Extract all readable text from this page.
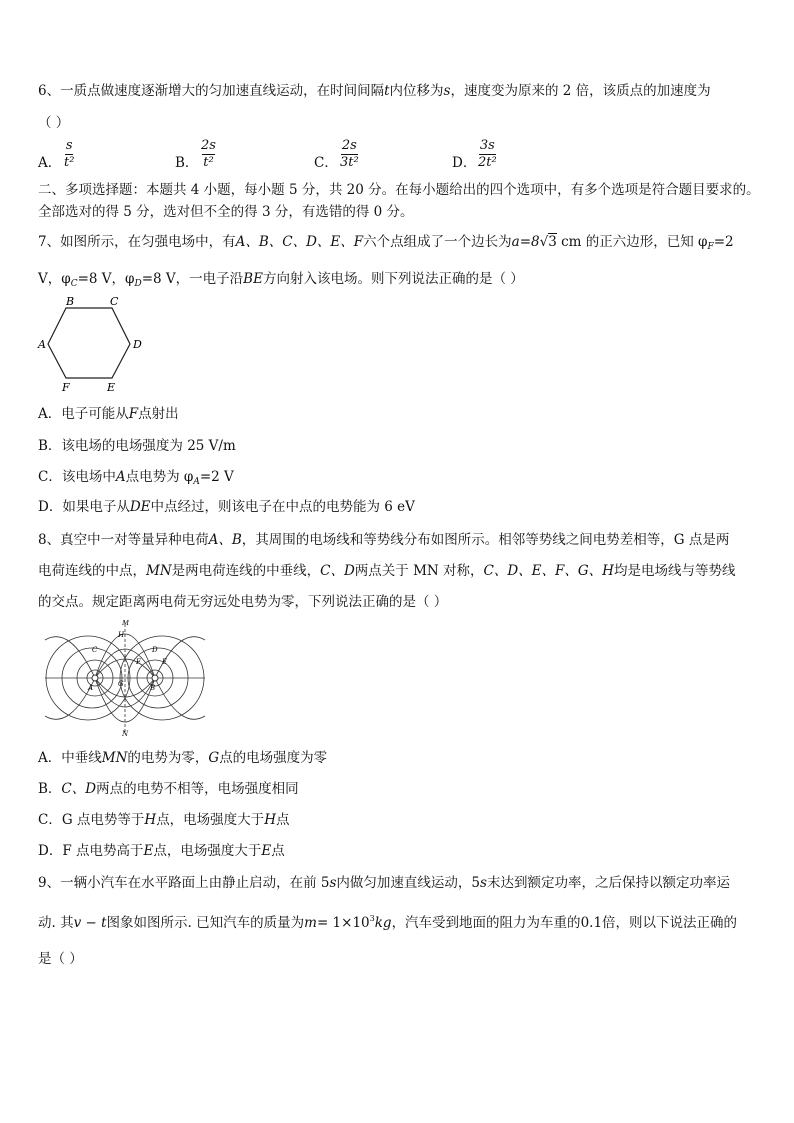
6、一质点做速度逐渐增大的匀加速直线运动，在时间间隔t内位移为s，速度变为原来的 2 倍，该质点的加速度为
（ ）
A．
s
t²	B．
2s
t²	C．
2s
3t²	D．
3s
2t²
二、多项选择题：本题共 4 小题，每小题 5 分，共 20 分。在每小题给出的四个选项中，有多个选项是符合题目要求的。
全部选对的得 5 分，选对但不全的得 3 分，有选错的得 0 分。
7、如图所示，在匀强电场中，有A、B、C、D、E、F六个点组成了一个边长为a=8√3 cm 的正六边形，已知 $\varphi_F=2$
V，$\varphi_C=8$ V，$\varphi_D=8$ V，一电子沿BE方向射入该电场。则下列说法正确的是（ ）
B	C
D
E
F
A
A．电子可能从F点射出
B．该电场的电场强度为 25 V/m
C．该电场中A点电势为 $\varphi_A=2$ V
D．如果电子从DE中点经过，则该电子在中点的电势能为 6 eV
8、真空中一对等量异种电荷A、B，其周围的电场线和等势线分布如图所示。相邻等势线之间电势差相等，G 点是两
电荷连线的中点，MN是两电荷连线的中垂线，C、D两点关于 MN 对称，C、D、E、F、G、H均是电场线与等势线
的交点。规定距离两电荷无穷远处电势为零，下列说法正确的是（ ）
M
H
C	D
E
F
G
A	B
N
A．中垂线MN的电势为零，G点的电场强度为零
B．C、D两点的电势不相等，电场强度相同
C．G 点电势等于H点，电场强度大于H点
D．F 点电势高于E点，电场强度大于E点
9、一辆小汽车在水平路面上由静止启动，在前 5s内做匀加速直线运动，5s末达到额定功率，之后保持以额定功率运
动. 其v − t图象如图所示. 已知汽车的质量为$m= 1\times 10^3kg$，汽车受到地面的阻力为车重的0.1倍，则以下说法正确的
是（ ）
